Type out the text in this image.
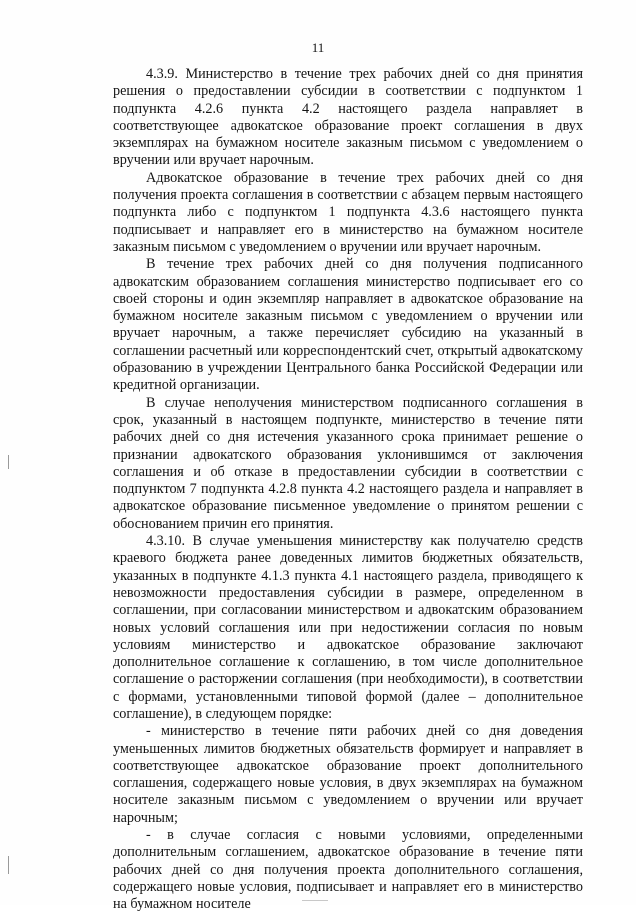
11

4.3.9. Министерство в течение трех рабочих дней со дня принятия решения о предоставлении субсидии в соответствии с подпунктом 1 подпункта 4.2.6 пункта 4.2 настоящего раздела направляет в соответствующее адвокатское образование проект соглашения в двух экземплярах на бумажном носителе заказным письмом с уведомлением о вручении или вручает нарочным.

Адвокатское образование в течение трех рабочих дней со дня получения проекта соглашения в соответствии с абзацем первым настоящего подпункта либо с подпунктом 1 подпункта 4.3.6 настоящего пункта подписывает и направляет его в министерство на бумажном носителе заказным письмом с уведомлением о вручении или вручает нарочным.

В течение трех рабочих дней со дня получения подписанного адвокатским образованием соглашения министерство подписывает его со своей стороны и один экземпляр направляет в адвокатское образование на бумажном носителе заказным письмом с уведомлением о вручении или вручает нарочным, а также перечисляет субсидию на указанный в соглашении расчетный или корреспондентский счет, открытый адвокатскому образованию в учреждении Центрального банка Российской Федерации или кредитной организации.

В случае неполучения министерством подписанного соглашения в срок, указанный в настоящем подпункте, министерство в течение пяти рабочих дней со дня истечения указанного срока принимает решение о признании адвокатского образования уклонившимся от заключения соглашения и об отказе в предоставлении субсидии в соответствии с подпунктом 7 подпункта 4.2.8 пункта 4.2 настоящего раздела и направляет в адвокатское образование письменное уведомление о принятом решении с обоснованием причин его принятия.

4.3.10. В случае уменьшения министерству как получателю средств краевого бюджета ранее доведенных лимитов бюджетных обязательств, указанных в подпункте 4.1.3 пункта 4.1 настоящего раздела, приводящего к невозможности предоставления субсидии в размере, определенном в соглашении, при согласовании министерством и адвокатским образованием новых условий соглашения или при недостижении согласия по новым условиям министерство и адвокатское образование заключают дополнительное соглашение к соглашению, в том числе дополнительное соглашение о расторжении соглашения (при необходимости), в соответствии с формами, установленными типовой формой (далее – дополнительное соглашение), в следующем порядке:

- министерство в течение пяти рабочих дней со дня доведения уменьшенных лимитов бюджетных обязательств формирует и направляет в соответствующее адвокатское образование проект дополнительного соглашения, содержащего новые условия, в двух экземплярах на бумажном носителе заказным письмом с уведомлением о вручении или вручает нарочным;

- в случае согласия с новыми условиями, определенными дополнительным соглашением, адвокатское образование в течение пяти рабочих дней со дня получения проекта дополнительного соглашения, содержащего новые условия, подписывает и направляет его в министерство на бумажном носителе
